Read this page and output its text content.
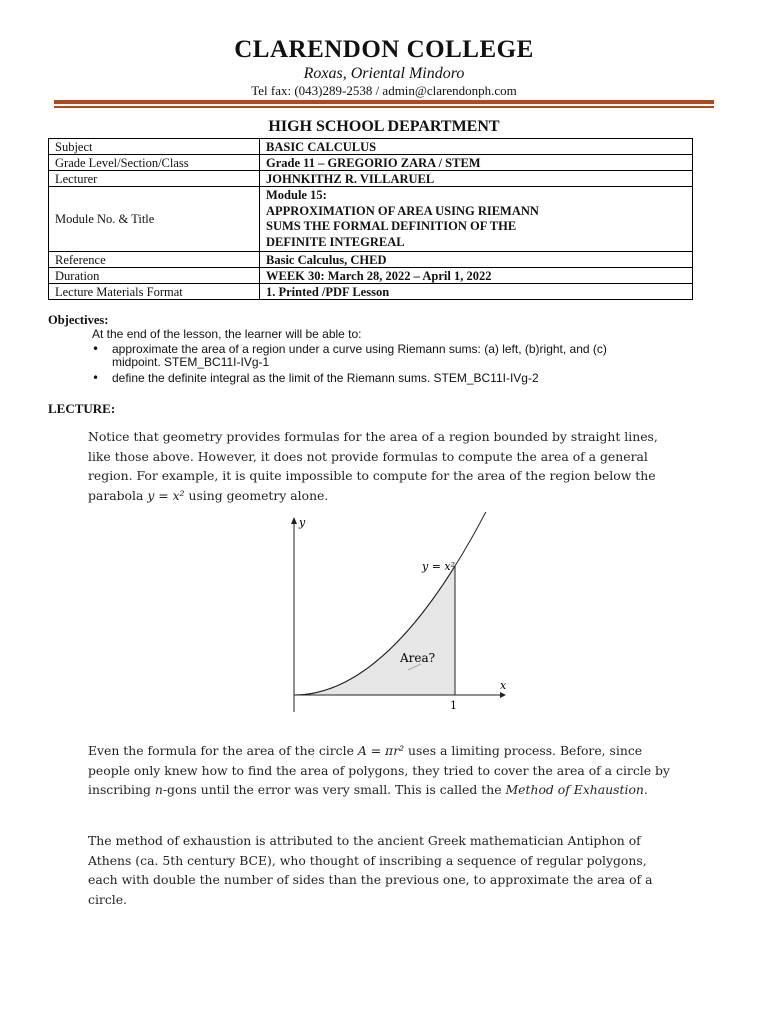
CLARENDON COLLEGE
Roxas, Oriental Mindoro
Tel fax: (043)289-2538 / admin@clarendonph.com
HIGH SCHOOL DEPARTMENT
Subject	BASIC CALCULUS
Grade Level/Section/Class	Grade 11 – GREGORIO ZARA / STEM
Lecturer	JOHNKITHZ R. VILLARUEL
Module No. & Title	Module 15:
APPROXIMATION OF AREA USING RIEMANN
SUMS THE FORMAL DEFINITION OF THE
DEFINITE INTEGREAL

Reference	Basic Calculus, CHED
Duration	WEEK 30: March 28, 2022 – April 1, 2022
Lecture Materials Format	1. Printed /PDF Lesson
Objectives:
At the end of the lesson, the learner will be able to:
• approximate the area of a region under a curve using Riemann sums: (a) left, (b)right, and (c)
midpoint. STEM_BC11I-IVg-1
• define the definite integral as the limit of the Riemann sums. STEM_BC11I-IVg-2
LECTURE:
Notice that geometry provides formulas for the area of a region bounded by straight lines,
like those above. However, it does not provide formulas to compute the area of a general
region. For example, it is quite impossible to compute for the area of the region below the
parabola y = x² using geometry alone.
y
x
y = x²
Area?
1
Even the formula for the area of the circle A = πr² uses a limiting process. Before, since
people only knew how to find the area of polygons, they tried to cover the area of a circle by
inscribing n-gons until the error was very small. This is called the Method of Exhaustion.
The method of exhaustion is attributed to the ancient Greek mathematician Antiphon of
Athens (ca. 5th century BCE), who thought of inscribing a sequence of regular polygons,
each with double the number of sides than the previous one, to approximate the area of a
circle.
